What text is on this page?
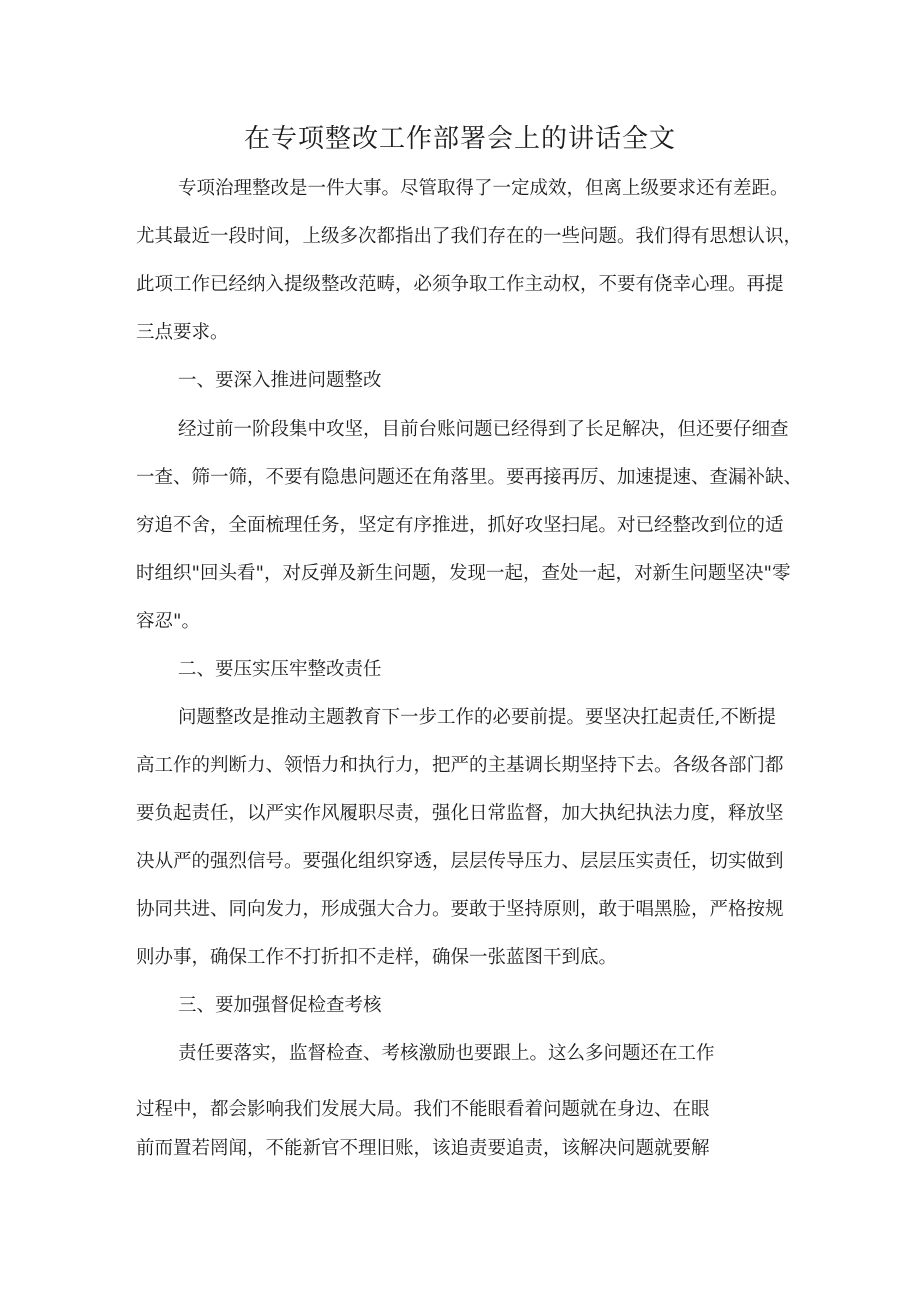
在专项整改工作部署会上的讲话全文

专项治理整改是一件大事。尽管取得了一定成效，但离上级要求还有差距。

尤其最近一段时间，上级多次都指出了我们存在的一些问题。我们得有思想认识，

此项工作已经纳入提级整改范畴，必须争取工作主动权，不要有侥幸心理。再提

三点要求。

一、要深入推进问题整改

经过前一阶段集中攻坚，目前台账问题已经得到了长足解决，但还要仔细查

一查、筛一筛，不要有隐患问题还在角落里。要再接再厉、加速提速、查漏补缺、

穷追不舍，全面梳理任务，坚定有序推进，抓好攻坚扫尾。对已经整改到位的适

时组织"回头看"，对反弹及新生问题，发现一起，查处一起，对新生问题坚决"零

容忍"。

二、要压实压牢整改责任

问题整改是推动主题教育下一步工作的必要前提。要坚决扛起责任,不断提

高工作的判断力、领悟力和执行力，把严的主基调长期坚持下去。各级各部门都

要负起责任，以严实作风履职尽责，强化日常监督，加大执纪执法力度，释放坚

决从严的强烈信号。要强化组织穿透，层层传导压力、层层压实责任，切实做到

协同共进、同向发力，形成强大合力。要敢于坚持原则，敢于唱黑脸，严格按规

则办事，确保工作不打折扣不走样，确保一张蓝图干到底。

三、要加强督促检查考核

责任要落实，监督检查、考核激励也要跟上。这么多问题还在工作

过程中，都会影响我们发展大局。我们不能眼看着问题就在身边、在眼

前而置若罔闻，不能新官不理旧账，该追责要追责，该解决问题就要解
